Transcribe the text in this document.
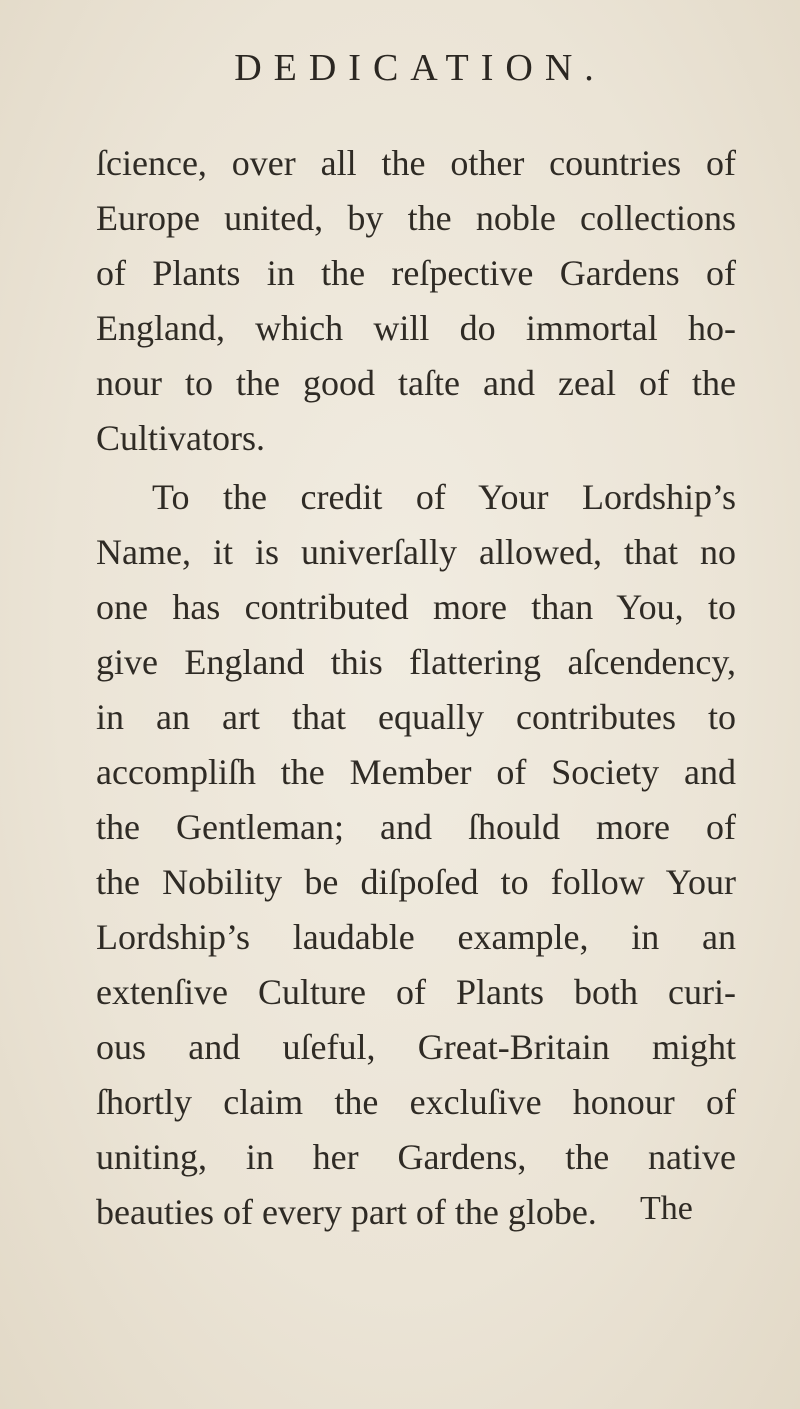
DEDICATION.
ſcience, over all the other countries of
Europe united, by the noble collections
of Plants in the reſpective Gardens of
England, which will do immortal ho-
nour to the good taſte and zeal of the
Cultivators.
To the credit of Your Lordship’s
Name, it is univerſally allowed, that no
one has contributed more than You, to
give England this flattering aſcendency,
in an art that equally contributes to
accompliſh the Member of Society and
the Gentleman; and ſhould more of
the Nobility be diſpoſed to follow Your
Lordship’s laudable example, in an
extenſive Culture of Plants both curi-
ous and uſeful, Great-Britain might
ſhortly claim the excluſive honour of
uniting, in her Gardens, the native
beauties of every part of the globe.	The
